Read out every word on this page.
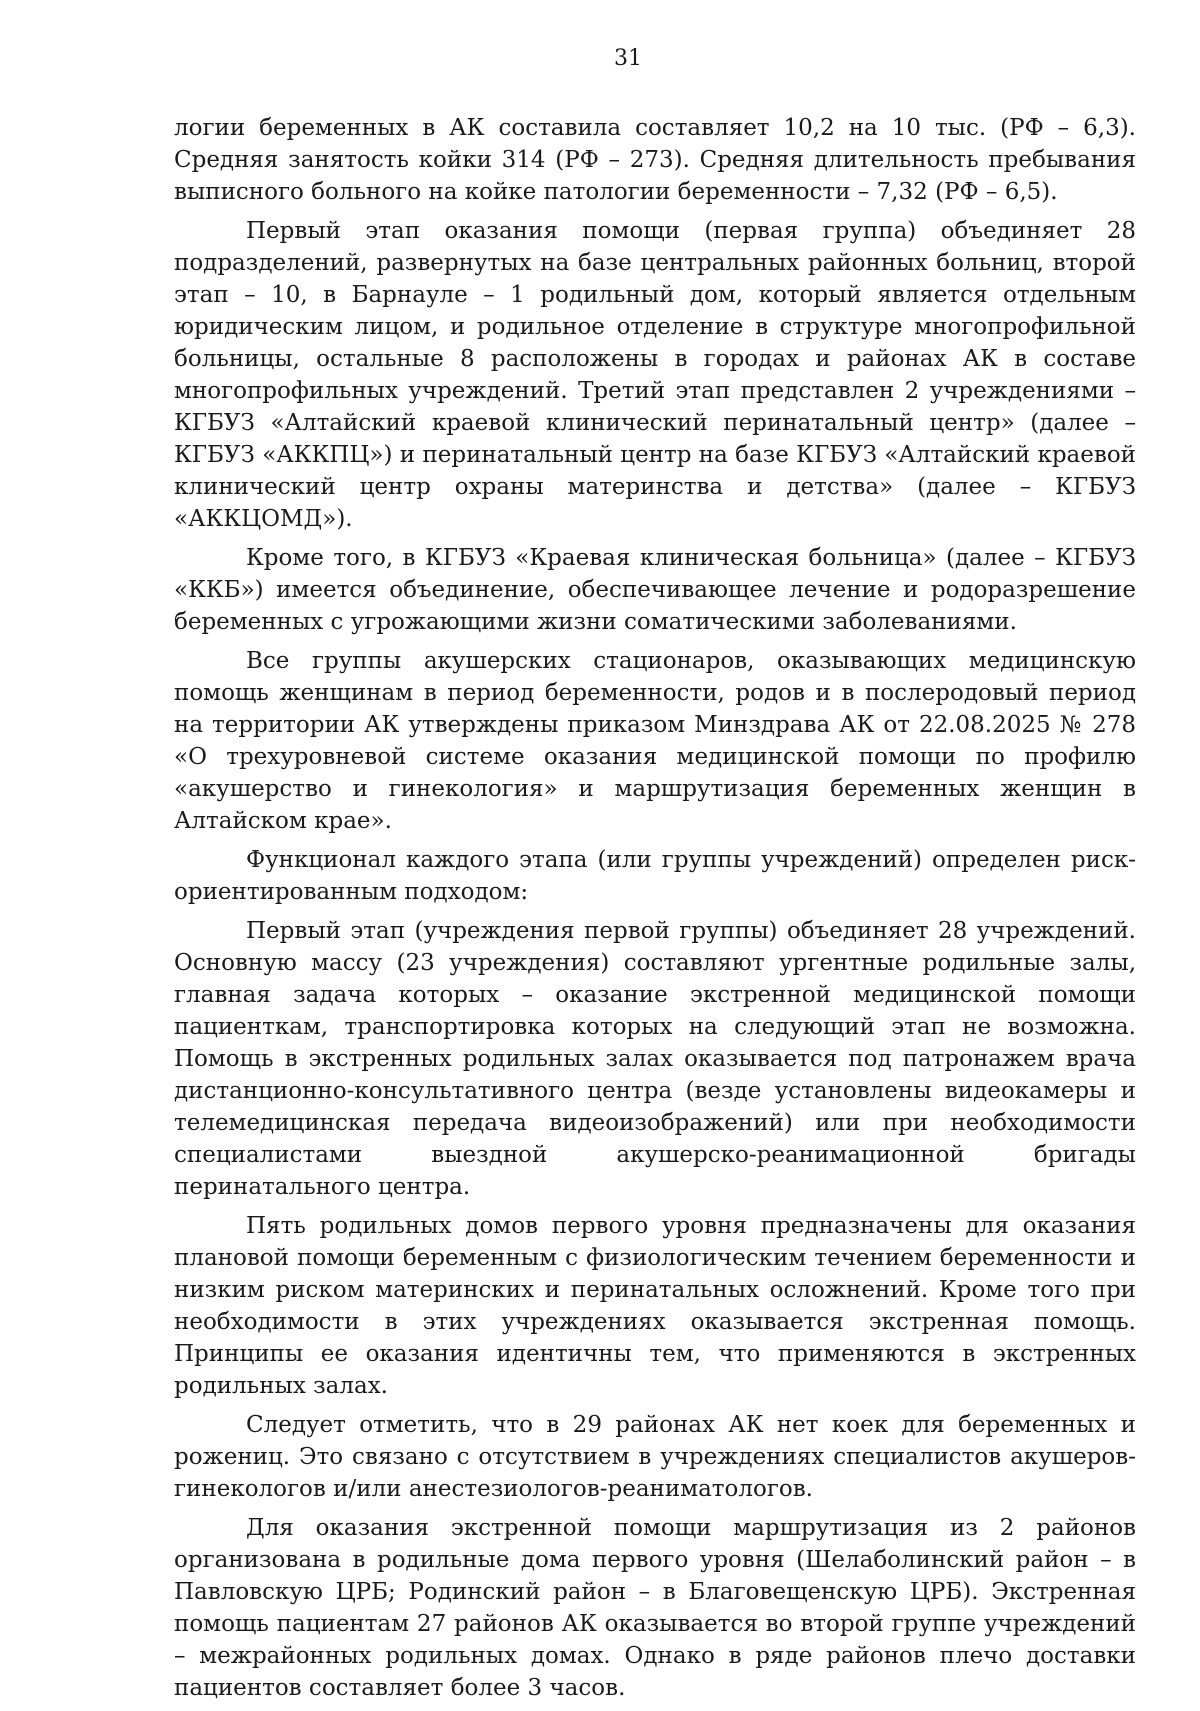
31

логии беременных в АК составила составляет 10,2 на 10 тыс. (РФ – 6,3). Средняя занятость койки 314 (РФ – 273). Средняя длительность пребывания выписного больного на койке патологии беременности – 7,32 (РФ – 6,5).

Первый этап оказания помощи (первая группа) объединяет 28 подразделений, развернутых на базе центральных районных больниц, второй этап – 10, в Барнауле – 1 родильный дом, который является отдельным юридическим лицом, и родильное отделение в структуре многопрофильной больницы, остальные 8 расположены в городах и районах АК в составе многопрофильных учреждений. Третий этап представлен 2 учреждениями – КГБУЗ «Алтайский краевой клинический перинатальный центр» (далее – КГБУЗ «АККПЦ») и перинатальный центр на базе КГБУЗ «Алтайский краевой клинический центр охраны материнства и детства» (далее – КГБУЗ «АККЦОМД»).

Кроме того, в КГБУЗ «Краевая клиническая больница» (далее – КГБУЗ «ККБ») имеется объединение, обеспечивающее лечение и родоразрешение беременных с угрожающими жизни соматическими заболеваниями.

Все группы акушерских стационаров, оказывающих медицинскую помощь женщинам в период беременности, родов и в послеродовый период на территории АК утверждены приказом Минздрава АК от 22.08.2025 № 278 «О трехуровневой системе оказания медицинской помощи по профилю «акушерство и гинекология» и маршрутизация беременных женщин в Алтайском крае».

Функционал каждого этапа (или группы учреждений) определен риск-ориентированным подходом:

Первый этап (учреждения первой группы) объединяет 28 учреждений. Основную массу (23 учреждения) составляют ургентные родильные залы, главная задача которых – оказание экстренной медицинской помощи пациенткам, транспортировка которых на следующий этап не возможна. Помощь в экстренных родильных залах оказывается под патронажем врача дистанционно-консультативного центра (везде установлены видеокамеры и телемедицинская передача видеоизображений) или при необходимости специалистами выездной акушерско-реанимационной бригады перинатального центра.

Пять родильных домов первого уровня предназначены для оказания плановой помощи беременным с физиологическим течением беременности и низким риском материнских и перинатальных осложнений. Кроме того при необходимости в этих учреждениях оказывается экстренная помощь. Принципы ее оказания идентичны тем, что применяются в экстренных родильных залах.

Следует отметить, что в 29 районах АК нет коек для беременных и рожениц. Это связано с отсутствием в учреждениях специалистов акушеров-гинекологов и/или анестезиологов-реаниматологов.

Для оказания экстренной помощи маршрутизация из 2 районов организована в родильные дома первого уровня (Шелаболинский район – в Павловскую ЦРБ; Родинский район – в Благовещенскую ЦРБ). Экстренная помощь пациентам 27 районов АК оказывается во второй группе учреждений – межрайонных родильных домах. Однако в ряде районов плечо доставки пациентов составляет более 3 часов.
